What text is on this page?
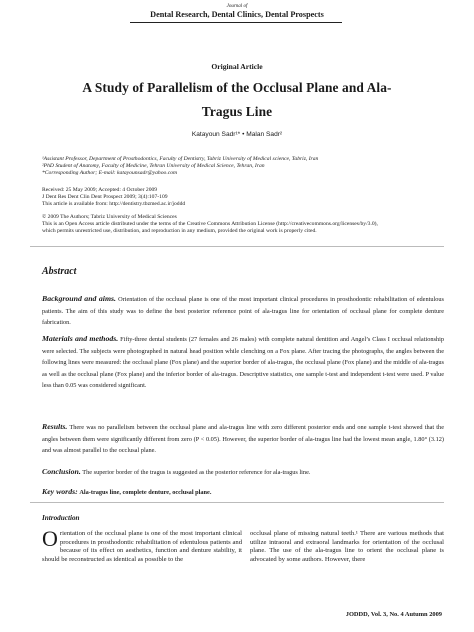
Journal of
Dental Research, Dental Clinics, Dental Prospects
Original Article
A Study of Parallelism of the Occlusal Plane and Ala-
Tragus Line
Katayoun Sadr¹* • Malan Sadr²
¹Assistant Professor, Department of Prosthodontics, Faculty of Dentistry, Tabriz University of Medical science, Tabriz, Iran
²PhD Student of Anatomy, Faculty of Medicine, Tehran University of Medical Science, Tehran, Iran
*Corresponding Author; E-mail: katayounsadr@yahoo.com
Received: 25 May 2009; Accepted: 4 October 2009
J Dent Res Dent Clin Dent Prospect 2009; 3(4):107-109
This article is available from: http://dentistry.tbzmed.ac.ir/joddd
© 2009 The Authors; Tabriz University of Medical Sciences
This is an Open Access article distributed under the terms of the Creative Commons Attribution License (http://creativecommons.org/licenses/by/3.0),
which permits unrestricted use, distribution, and reproduction in any medium, provided the original work is properly cited.
Abstract
Background and aims. Orientation of the occlusal plane is one of the most important clinical procedures in prosthodontic rehabilitation of edentulous patients. The aim of this study was to define the best posterior reference point of ala-tragus line for orientation of occlusal plane for complete denture fabrication.
Materials and methods. Fifty-three dental students (27 females and 26 males) with complete natural dentition and Angel’s Class I occlusal relationship were selected. The subjects were photographed in natural head position while clenching on a Fox plane. After tracing the photographs, the angles between the following lines were measured: the occlusal plane (Fox plane) and the superior border of ala-tragus, the occlusal plane (Fox plane) and the middle of ala-tragus as well as the occlusal plane (Fox plane) and the inferior border of ala-tragus. Descriptive statistics, one sample t-test and independent t-test were used. P value less than 0.05 was considered significant.
Results. There was no parallelism between the occlusal plane and ala-tragus line with zero different posterior ends and one sample t-test showed that the angles between them were significantly different from zero (P < 0.05). However, the superior border of ala-tragus line had the lowest mean angle, 1.80° (3.12) and was almost parallel to the occlusal plane.
Conclusion. The superior border of the tragus is suggested as the posterior reference for ala-tragus line.
Key words: Ala-tragus line, complete denture, occlusal plane.
Introduction
Orientation of the occlusal plane is one of the most important clinical procedures in prosthodontic rehabilitation of edentulous patients and because of its effect on aesthetics, function and denture stability, it should be reconstructed as identical as possible to the
occlusal plane of missing natural teeth.¹ There are various methods that utilize intraoral and extraoral landmarks for orientation of the occlusal plane. The use of the ala-tragus line to orient the occlusal plane is advocated by some authors. However, there
JODDD, Vol. 3, No. 4 Autumn 2009
